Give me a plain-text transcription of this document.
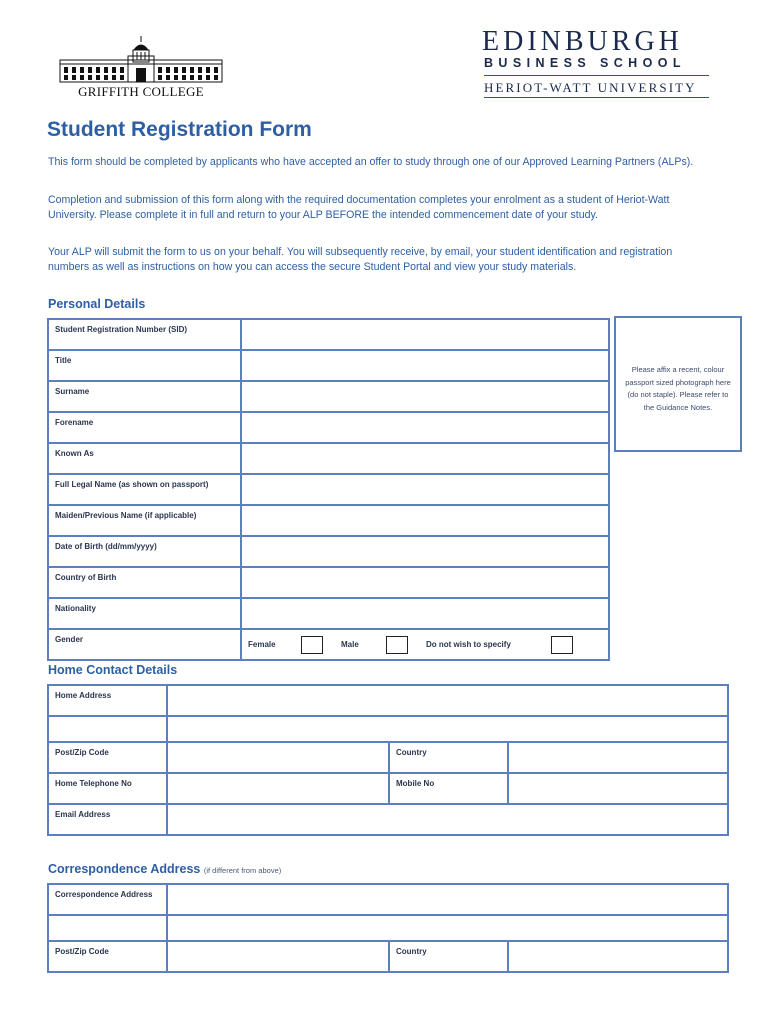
GRIFFITH COLLEGE
EDINBURGH
BUSINESS SCHOOL
HERIOT-WATT UNIVERSITY
Student Registration Form

This form should be completed by applicants who have accepted an offer to study through one of our Approved Learning Partners (ALPs).

Completion and submission of this form along with the required documentation completes your enrolment as a student of Heriot-Watt University. Please complete it in full and return to your ALP BEFORE the intended commencement date of your study.

Your ALP will submit the form to us on your behalf. You will subsequently receive, by email, your student identification and registration numbers as well as instructions on how you can access the secure Student Portal and view your study materials.

Personal Details
Student Registration Number (SID)						
Title						
Surname						
Forename						
Known As						
Full Legal Name (as shown on passport)						
Maiden/Previous Name (if applicable)						
Date of Birth (dd/mm/yyyy)						
Country of Birth						
Nationality						
Gender	Female		Male		Do not wish to specify	
Please affix a recent, colour passport sized photograph here (do not staple). Please refer to the Guidance Notes.
Home Contact Details
Home Address			

Post/Zip Code		Country	
Home Telephone No		Mobile No	
Email Address			
Correspondence Address (if different from above)
Correspondence Address			

Post/Zip Code		Country	
